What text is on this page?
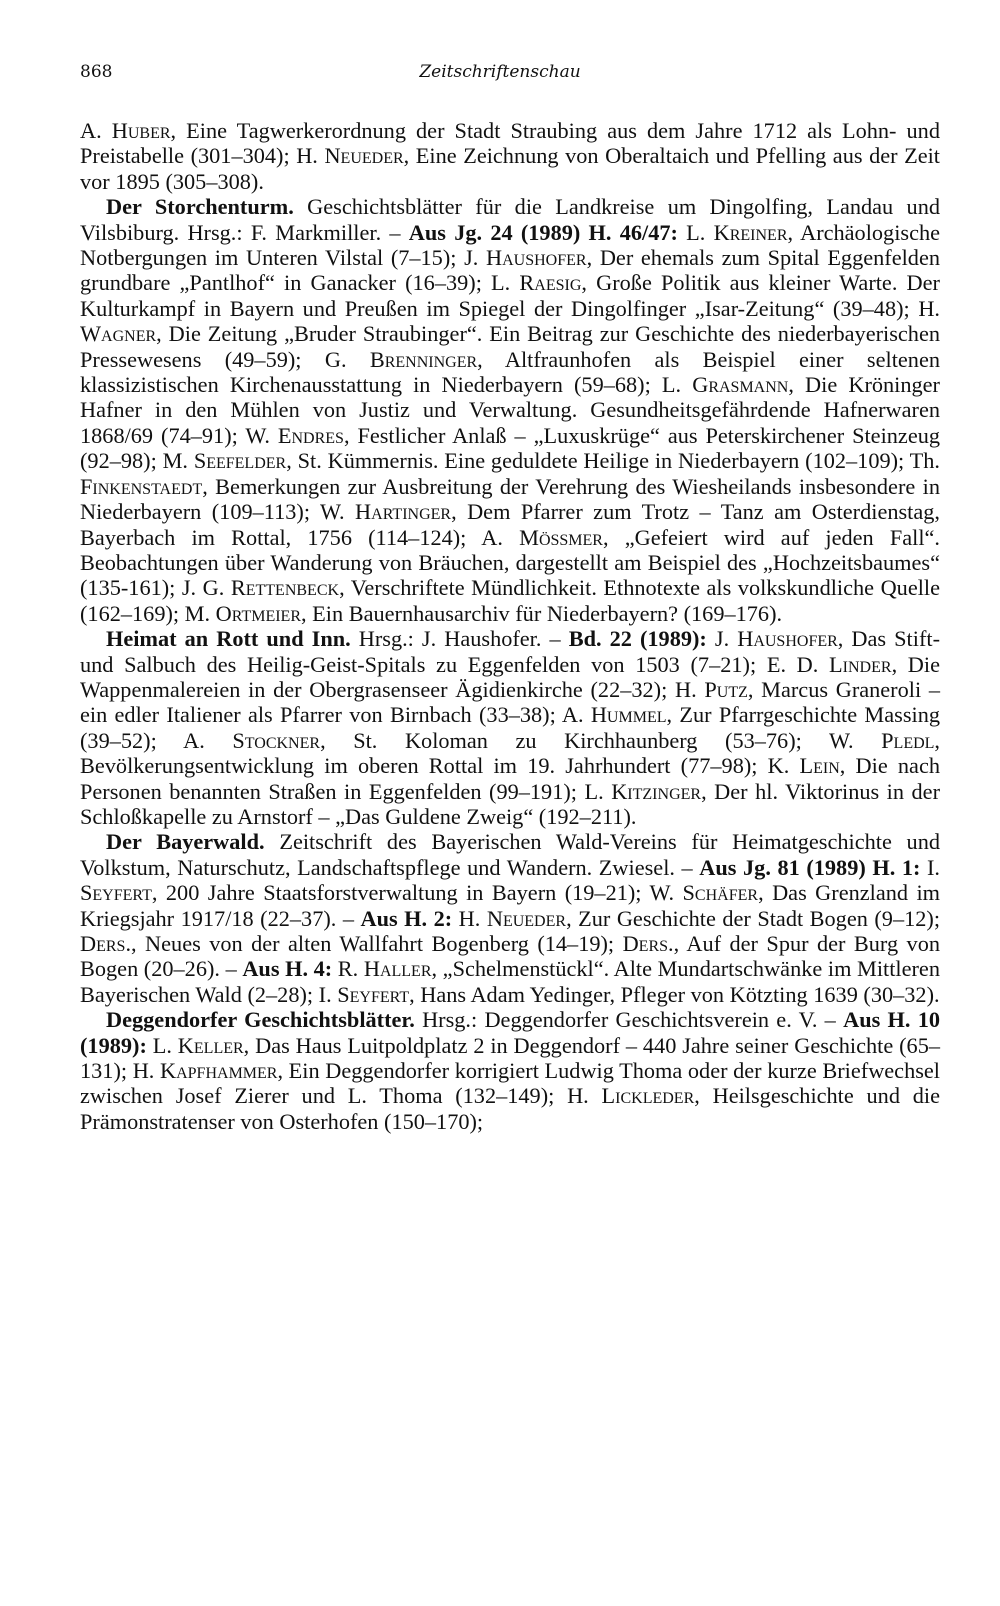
868	Zeitschriftenschau

A. Huber, Eine Tagwerkerordnung der Stadt Straubing aus dem Jahre 1712 als Lohn- und Preistabelle (301–304); H. Neueder, Eine Zeichnung von Oberaltaich und Pfelling aus der Zeit vor 1895 (305–308).

Der Storchenturm. Geschichtsblätter für die Landkreise um Dingolfing, Landau und Vilsbiburg. Hrsg.: F. Markmiller. – Aus Jg. 24 (1989) H. 46/47: L. Kreiner, Archäologische Notbergungen im Unteren Vilstal (7–15); J. Haushofer, Der ehemals zum Spital Eggenfelden grundbare „Pantlhof“ in Ganacker (16–39); L. Raesig, Große Politik aus kleiner Warte. Der Kulturkampf in Bayern und Preußen im Spiegel der Dingolfinger „Isar-Zeitung“ (39–48); H. Wagner, Die Zeitung „Bruder Straubinger“. Ein Beitrag zur Geschichte des niederbayerischen Pressewesens (49–59); G. Brenninger, Altfraunhofen als Beispiel einer seltenen klassizistischen Kirchenausstattung in Niederbayern (59–68); L. Grasmann, Die Kröninger Hafner in den Mühlen von Justiz und Verwaltung. Gesundheitsgefährdende Hafnerwaren 1868/69 (74–91); W. Endres, Festlicher Anlaß – „Luxuskrüge“ aus Peterskirchener Steinzeug (92–98); M. Seefelder, St. Kümmernis. Eine geduldete Heilige in Niederbayern (102–109); Th. Finkenstaedt, Bemerkungen zur Ausbreitung der Verehrung des Wiesheilands insbesondere in Niederbayern (109–113); W. Hartinger, Dem Pfarrer zum Trotz – Tanz am Osterdienstag, Bayerbach im Rottal, 1756 (114–124); A. Mössmer, „Gefeiert wird auf jeden Fall“. Beobachtungen über Wanderung von Bräuchen, dargestellt am Beispiel des „Hochzeitsbaumes“ (135-161); J. G. Rettenbeck, Verschriftete Mündlichkeit. Ethnotexte als volkskundliche Quelle (162–169); M. Ortmeier, Ein Bauernhausarchiv für Niederbayern? (169–176).

Heimat an Rott und Inn. Hrsg.: J. Haushofer. – Bd. 22 (1989): J. Haushofer, Das Stift- und Salbuch des Heilig-Geist-Spitals zu Eggenfelden von 1503 (7–21); E. D. Linder, Die Wappenmalereien in der Obergrasenseer Ägidienkirche (22–32); H. Putz, Marcus Graneroli – ein edler Italiener als Pfarrer von Birnbach (33–38); A. Hummel, Zur Pfarrgeschichte Massing (39–52); A. Stockner, St. Koloman zu Kirchhaunberg (53–76); W. Pledl, Bevölkerungsentwicklung im oberen Rottal im 19. Jahrhundert (77–98); K. Lein, Die nach Personen benannten Straßen in Eggenfelden (99–191); L. Kitzinger, Der hl. Viktorinus in der Schloßkapelle zu Arnstorf – „Das Guldene Zweig“ (192–211).

Der Bayerwald. Zeitschrift des Bayerischen Wald-Vereins für Heimatgeschichte und Volkstum, Naturschutz, Landschaftspflege und Wandern. Zwiesel. – Aus Jg. 81 (1989) H. 1: I. Seyfert, 200 Jahre Staatsforstverwaltung in Bayern (19–21); W. Schäfer, Das Grenzland im Kriegsjahr 1917/18 (22–37). – Aus H. 2: H. Neueder, Zur Geschichte der Stadt Bogen (9–12); Ders., Neues von der alten Wallfahrt Bogenberg (14–19); Ders., Auf der Spur der Burg von Bogen (20–26). – Aus H. 4: R. Haller, „Schelmenstückl“. Alte Mundartschwänke im Mittleren Bayerischen Wald (2–28); I. Seyfert, Hans Adam Yedinger, Pfleger von Kötzting 1639 (30–32).

Deggendorfer Geschichtsblätter. Hrsg.: Deggendorfer Geschichtsverein e. V. – Aus H. 10 (1989): L. Keller, Das Haus Luitpoldplatz 2 in Deggendorf – 440 Jahre seiner Geschichte (65–131); H. Kapfhammer, Ein Deggendorfer korrigiert Ludwig Thoma oder der kurze Briefwechsel zwischen Josef Zierer und L. Thoma (132–149); H. Lickleder, Heilsgeschichte und die Prämonstratenser von Osterhofen (150–170);
